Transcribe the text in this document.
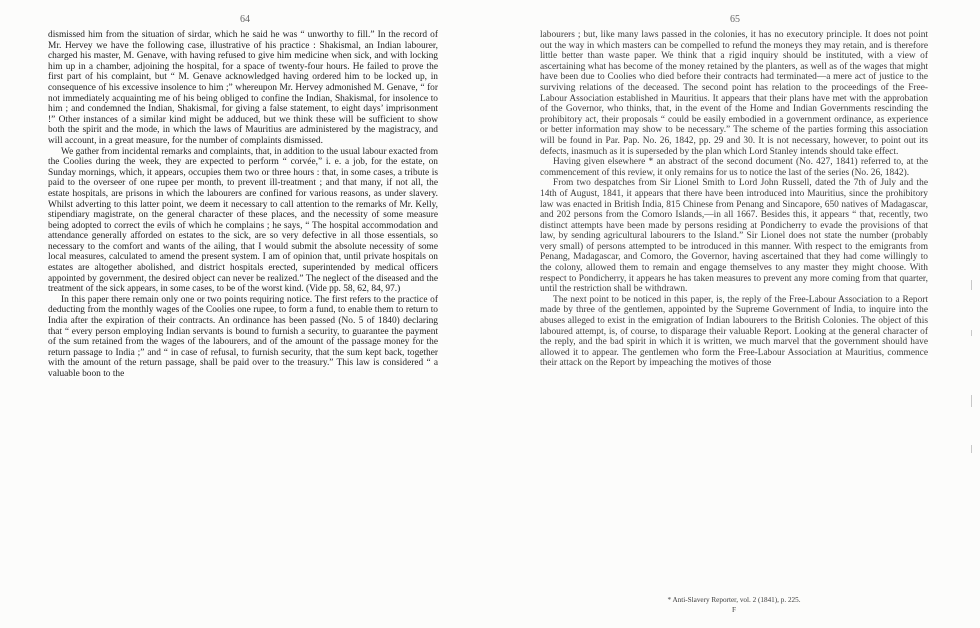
64

dismissed him from the situation of sirdar, which he said he was “ unworthy to fill.” In the record of Mr. Hervey we have the following case, illustrative of his practice : Shakismal, an Indian labourer, charged his master, M. Genave, with having refused to give him medicine when sick, and with locking him up in a chamber, adjoining the hospital, for a space of twenty-four hours. He failed to prove the first part of his complaint, but “ M. Genave acknowledged having ordered him to be locked up, in consequence of his excessive insolence to him ;” whereupon Mr. Hervey admonished M. Genave, “ for not immediately acquainting me of his being obliged to confine the Indian, Shakismal, for insolence to him ; and condemned the Indian, Shakismal, for giving a false statement, to eight days’ imprisonment !” Other instances of a similar kind might be adduced, but we think these will be sufficient to show both the spirit and the mode, in which the laws of Mauritius are administered by the magistracy, and will account, in a great measure, for the number of complaints dismissed.

We gather from incidental remarks and complaints, that, in addition to the usual labour exacted from the Coolies during the week, they are expected to perform “ corvée,” i. e. a job, for the estate, on Sunday mornings, which, it appears, occupies them two or three hours : that, in some cases, a tribute is paid to the overseer of one rupee per month, to prevent ill-treatment ; and that many, if not all, the estate hospitals, are prisons in which the labourers are confined for various reasons, as under slavery. Whilst adverting to this latter point, we deem it necessary to call attention to the remarks of Mr. Kelly, stipendiary magistrate, on the general character of these places, and the necessity of some measure being adopted to correct the evils of which he complains ; he says, “ The hospital accommodation and attendance generally afforded on estates to the sick, are so very defective in all those essentials, so necessary to the comfort and wants of the ailing, that I would submit the absolute necessity of some local measures, calculated to amend the present system. I am of opinion that, until private hospitals on estates are altogether abolished, and district hospitals erected, superintended by medical officers appointed by government, the desired object can never be realized.” The neglect of the diseased and the treatment of the sick appears, in some cases, to be of the worst kind. (Vide pp. 58, 62, 84, 97.)

In this paper there remain only one or two points requiring notice. The first refers to the practice of deducting from the monthly wages of the Coolies one rupee, to form a fund, to enable them to return to India after the expiration of their contracts. An ordinance has been passed (No. 5 of 1840) declaring that “ every person employing Indian servants is bound to furnish a security, to guarantee the payment of the sum retained from the wages of the labourers, and of the amount of the passage money for the return passage to India ;” and “ in case of refusal, to furnish security, that the sum kept back, together with the amount of the return passage, shall be paid over to the treasury.” This law is considered “ a valuable boon to the

65

labourers ; but, like many laws passed in the colonies, it has no executory principle. It does not point out the way in which masters can be compelled to refund the moneys they may retain, and is therefore little better than waste paper. We think that a rigid inquiry should be instituted, with a view of ascertaining what has become of the money retained by the planters, as well as of the wages that might have been due to Coolies who died before their contracts had terminated—a mere act of justice to the surviving relations of the deceased. The second point has relation to the proceedings of the Free-Labour Association established in Mauritius. It appears that their plans have met with the approbation of the Governor, who thinks, that, in the event of the Home and Indian Governments rescinding the prohibitory act, their proposals “ could be easily embodied in a government ordinance, as experience or better information may show to be necessary.” The scheme of the parties forming this association will be found in Par. Pap. No. 26, 1842, pp. 29 and 30. It is not necessary, however, to point out its defects, inasmuch as it is superseded by the plan which Lord Stanley intends should take effect.

Having given elsewhere * an abstract of the second document (No. 427, 1841) referred to, at the commencement of this review, it only remains for us to notice the last of the series (No. 26, 1842).

From two despatches from Sir Lionel Smith to Lord John Russell, dated the 7th of July and the 14th of August, 1841, it appears that there have been introduced into Mauritius, since the prohibitory law was enacted in British India, 815 Chinese from Penang and Sincapore, 650 natives of Madagascar, and 202 persons from the Comoro Islands,—in all 1667. Besides this, it appears “ that, recently, two distinct attempts have been made by persons residing at Pondicherry to evade the provisions of that law, by sending agricultural labourers to the Island.” Sir Lionel does not state the number (probably very small) of persons attempted to be introduced in this manner. With respect to the emigrants from Penang, Madagascar, and Comoro, the Governor, having ascertained that they had come willingly to the colony, allowed them to remain and engage themselves to any master they might choose. With respect to Pondicherry, it appears he has taken measures to prevent any more coming from that quarter, until the restriction shall be withdrawn.

The next point to be noticed in this paper, is, the reply of the Free-Labour Association to a Report made by three of the gentlemen, appointed by the Supreme Government of India, to inquire into the abuses alleged to exist in the emigration of Indian labourers to the British Colonies. The object of this laboured attempt, is, of course, to disparage their valuable Report. Looking at the general character of the reply, and the bad spirit in which it is written, we much marvel that the government should have allowed it to appear. The gentlemen who form the Free-Labour Association at Mauritius, commence their attack on the Report by impeaching the motives of those

* Anti-Slavery Reporter, vol. 2 (1841), p. 225.
F
